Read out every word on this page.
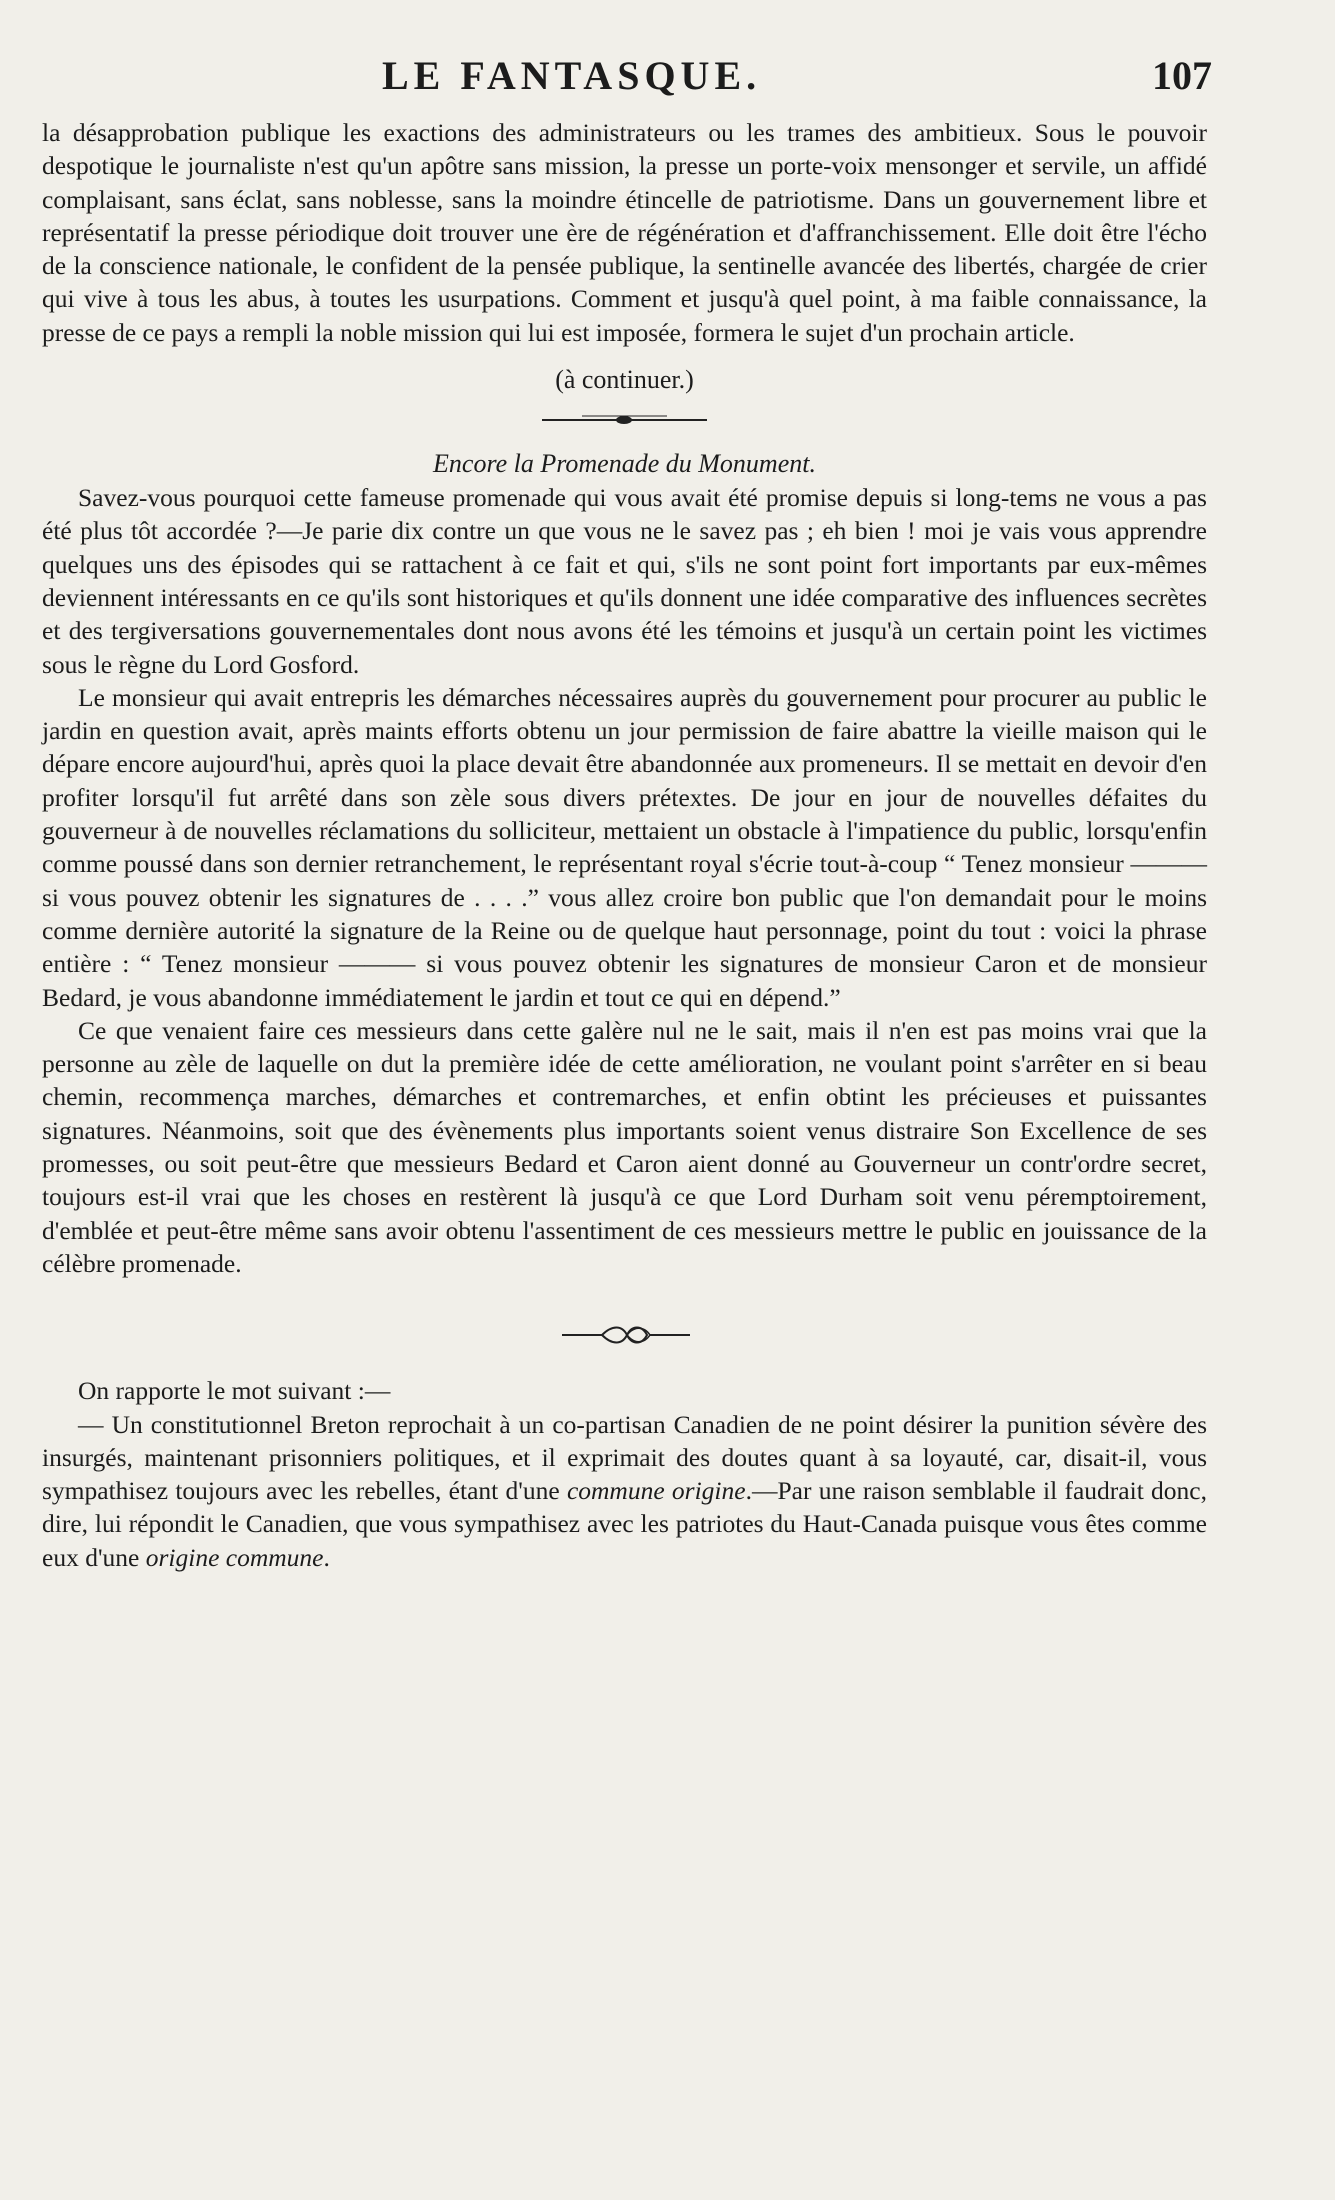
LE FANTASQUE.	107

la désapprobation publique les exactions des administrateurs ou les trames des ambitieux. Sous le pouvoir despotique le journaliste n'est qu'un apôtre sans mission, la presse un porte-voix mensonger et servile, un affidé complaisant, sans éclat, sans noblesse, sans la moindre étincelle de patriotisme. Dans un gouvernement libre et représentatif la presse périodique doit trouver une ère de régénération et d'affranchissement. Elle doit être l'écho de la conscience nationale, le confident de la pensée publique, la sentinelle avancée des libertés, chargée de crier qui vive à tous les abus, à toutes les usurpations. Comment et jusqu'à quel point, à ma faible connaissance, la presse de ce pays a rempli la noble mission qui lui est imposée, formera le sujet d'un prochain article.

(à continuer.)

Encore la Promenade du Monument.

Savez-vous pourquoi cette fameuse promenade qui vous avait été promise depuis si long-tems ne vous a pas été plus tôt accordée ?—Je parie dix contre un que vous ne le savez pas ; eh bien ! moi je vais vous apprendre quelques uns des épisodes qui se rattachent à ce fait et qui, s'ils ne sont point fort importants par eux-mêmes deviennent intéressants en ce qu'ils sont historiques et qu'ils donnent une idée comparative des influences secrètes et des tergiversations gouvernementales dont nous avons été les témoins et jusqu'à un certain point les victimes sous le règne du Lord Gosford.

Le monsieur qui avait entrepris les démarches nécessaires auprès du gouvernement pour procurer au public le jardin en question avait, après maints efforts obtenu un jour permission de faire abattre la vieille maison qui le dépare encore aujourd'hui, après quoi la place devait être abandonnée aux promeneurs. Il se mettait en devoir d'en profiter lorsqu'il fut arrêté dans son zèle sous divers prétextes. De jour en jour de nouvelles défaites du gouverneur à de nouvelles réclamations du solliciteur, mettaient un obstacle à l'impatience du public, lorsqu'enfin comme poussé dans son dernier retranchement, le représentant royal s'écrie tout-à-coup “ Tenez monsieur ——— si vous pouvez obtenir les signatures de . . . .” vous allez croire bon public que l'on demandait pour le moins comme dernière autorité la signature de la Reine ou de quelque haut personnage, point du tout : voici la phrase entière : “ Tenez monsieur ——— si vous pouvez obtenir les signatures de monsieur Caron et de monsieur Bedard, je vous abandonne immédiatement le jardin et tout ce qui en dépend.”

Ce que venaient faire ces messieurs dans cette galère nul ne le sait, mais il n'en est pas moins vrai que la personne au zèle de laquelle on dut la première idée de cette amélioration, ne voulant point s'arrêter en si beau chemin, recommença marches, démarches et contremarches, et enfin obtint les précieuses et puissantes signatures. Néanmoins, soit que des évènements plus importants soient venus distraire Son Excellence de ses promesses, ou soit peut-être que messieurs Bedard et Caron aient donné au Gouverneur un contr'ordre secret, toujours est-il vrai que les choses en restèrent là jusqu'à ce que Lord Durham soit venu péremptoirement, d'emblée et peut-être même sans avoir obtenu l'assentiment de ces messieurs mettre le public en jouissance de la célèbre promenade.

On rapporte le mot suivant :—

— Un constitutionnel Breton reprochait à un co-partisan Canadien de ne point désirer la punition sévère des insurgés, maintenant prisonniers politiques, et il exprimait des doutes quant à sa loyauté, car, disait-il, vous sympathisez toujours avec les rebelles, étant d'une commune origine.—Par une raison semblable il faudrait donc, dire, lui répondit le Canadien, que vous sympathisez avec les patriotes du Haut-Canada puisque vous êtes comme eux d'une origine commune.
